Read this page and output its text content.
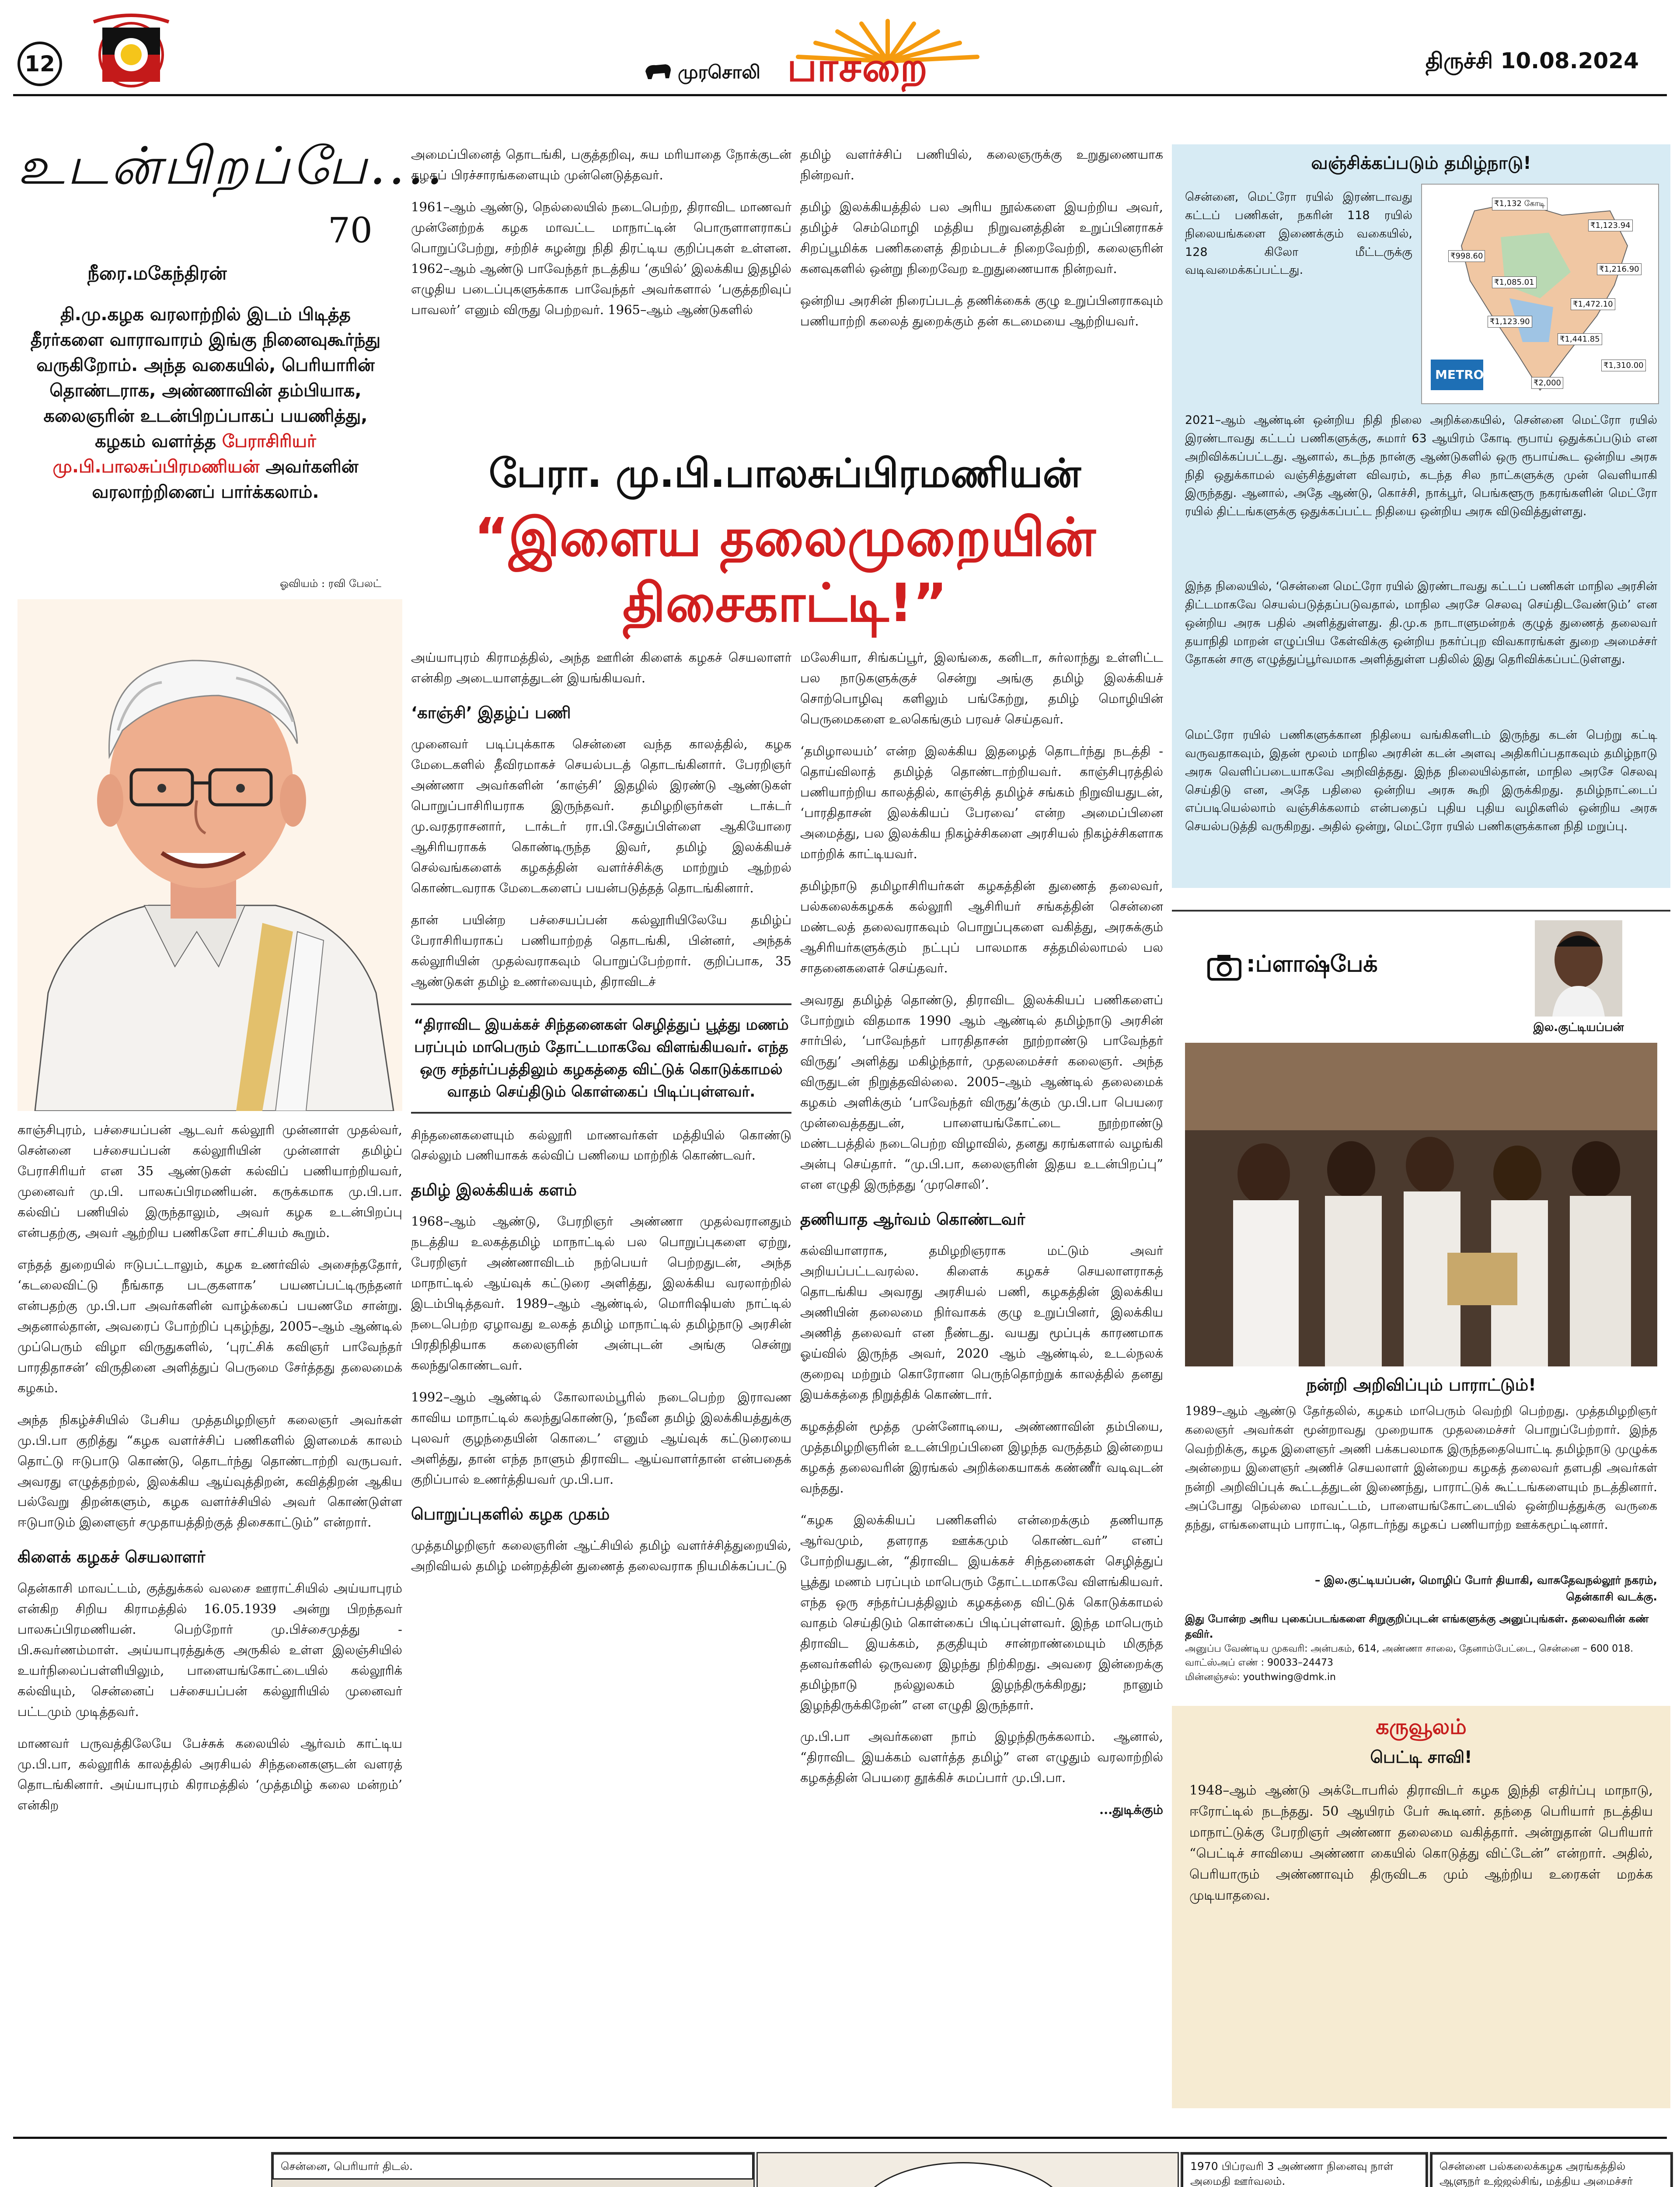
12	முரசொலி பாசறை	திருச்சி 10.08.2024
உடன்பிறப்பே....
70
நீரை.மகேந்திரன்
தி.மு.கழக வரலாற்றில் இடம் பிடித்த தீரர்களை வாராவாரம் இங்கு நினைவுகூர்ந்து வருகிறோம். அந்த வகையில், பெரியாரின் தொண்டராக, அண்ணாவின் தம்பியாக, கலைஞரின் உடன்பிறப்பாகப் பயணித்து, கழகம் வளர்த்த பேராசிரியர் மு.பி.பாலசுப்பிரமணியன் அவர்களின் வரலாற்றினைப் பார்க்கலாம்.
ஓவியம் : ரவி பேலட்
பேரா. மு.பி.பாலசுப்பிரமணியன்
“இளைய தலைமுறையின்
திசைகாட்டி!”

காஞ்சிபுரம், பச்சையப்பன் ஆடவர் கல்லூரி முன்னாள் முதல்வர், சென்னை பச்சையப்பன் கல்லூரியின் முன்னாள் தமிழ்ப் பேராசிரியர் என 35 ஆண்டுகள் கல்விப் பணியாற்றியவர், முனைவர் மு.பி. பாலசுப்பிரமணியன். கருக்கமாக மு.பி.பா. கல்விப் பணியில் இருந்தாலும், அவர் கழக உடன்பிறப்பு என்பதற்கு, அவர் ஆற்றிய பணிகளே சாட்சியம் கூறும்.

எந்தத் துறையில் ஈடுபட்டாலும், கழக உணர்வில் அசைந்ததோர், ‘கடலைவிட்டு நீங்காத படகுகளாக’ பயணப்பட்டிருந்தனர் என்பதற்கு மு.பி.பா அவர்களின் வாழ்க்கைப் பயணமே சான்று. அதனால்தான், அவரைப் போற்றிப் புகழ்ந்து, 2005–ஆம் ஆண்டில் முப்பெரும் விழா விருதுகளில், ‘புரட்சிக் கவிஞர் பாவேந்தர் பாரதிதாசன்’ விருதினை அளித்துப் பெருமை சேர்த்தது தலைமைக் கழகம்.

அந்த நிகழ்ச்சியில் பேசிய முத்தமிழறிஞர் கலைஞர் அவர்கள் மு.பி.பா குறித்து “கழக வளர்ச்சிப் பணிகளில் இளமைக் காலம் தொட்டு ஈடுபாடு கொண்டு, தொடர்ந்து தொண்டாற்றி வருபவர். அவரது எழுத்தற்றல், இலக்கிய ஆய்வுத்திறன், கவித்திறன் ஆகிய பல்வேறு திறன்களும், கழக வளர்ச்சியில் அவர் கொண்டுள்ள ஈடுபாடும் இளைஞர் சமுதாயத்திற்குத் திசைகாட்டும்” என்றார்.

கிளைக் கழகச் செயலாளர்

தென்காசி மாவட்டம், குத்துக்கல் வலசை ஊராட்சியில் அய்யாபுரம் என்கிற சிறிய கிராமத்தில் 16.05.1939 அன்று பிறந்தவர் பாலசுப்பிரமணியன். பெற்றோர் மு.பிச்சைமுத்து - பி.சுவர்ணம்மாள். அய்யாபுரத்துக்கு அருகில் உள்ள இலஞ்சியில் உயர்நிலைப்பள்ளியிலும், பாளையங்கோட்டையில் கல்லூரிக் கல்வியும், சென்னைப் பச்சையப்பன் கல்லூரியில் முனைவர் பட்டமும் முடித்தவர்.

மாணவர் பருவத்திலேயே பேச்சுக் கலையில் ஆர்வம் காட்டிய மு.பி.பா, கல்லூரிக் காலத்தில் அரசியல் சிந்தனைகளுடன் வளரத் தொடங்கினார். அய்யாபுரம் கிராமத்தில் ‘முத்தமிழ் கலை மன்றம்’ என்கிற

அமைப்பினைத் தொடங்கி, பகுத்தறிவு, சுய மரியாதை நோக்குடன் கழகப் பிரச்சாரங்களையும் முன்னெடுத்தவர்.

1961–ஆம் ஆண்டு, நெல்லையில் நடைபெற்ற, திராவிட மாணவர் முன்னேற்றக் கழக மாவட்ட மாநாட்டின் பொருளாளராகப் பொறுப்பேற்று, சற்றிச் சுழன்று நிதி திரட்டிய குறிப்புகள் உள்ளன. 1962–ஆம் ஆண்டு பாவேந்தர் நடத்திய ‘குயில்’ இலக்கிய இதழில் எழுதிய படைப்புகளுக்காக பாவேந்தர் அவர்களால் ‘பகுத்தறிவுப் பாவலர்’ எனும் விருது பெற்றவர். 1965–ஆம் ஆண்டுகளில்

அய்யாபுரம் கிராமத்தில், அந்த ஊரின் கிளைக் கழகச் செயலாளர் என்கிற அடையாளத்துடன் இயங்கியவர்.

‘காஞ்சி’ இதழ்ப் பணி

முனைவர் படிப்புக்காக சென்னை வந்த காலத்தில், கழக மேடைகளில் தீவிரமாகச் செயல்படத் தொடங்கினார். பேரறிஞர் அண்ணா அவர்களின் ‘காஞ்சி’ இதழில் இரண்டு ஆண்டுகள் பொறுப்பாசிரியராக இருந்தவர். தமிழறிஞர்கள் டாக்டர் மு.வரதராசனார், டாக்டர் ரா.பி.சேதுப்பிள்ளை ஆகியோரை ஆசிரியராகக் கொண்டிருந்த இவர், தமிழ் இலக்கியச் செல்வங்களைக் கழகத்தின் வளர்ச்சிக்கு மாற்றும் ஆற்றல் கொண்டவராக மேடைகளைப் பயன்படுத்தத் தொடங்கினார்.

தான் பயின்ற பச்சையப்பன் கல்லூரியிலேயே தமிழ்ப் பேராசிரியராகப் பணியாற்றத் தொடங்கி, பின்னர், அந்தக் கல்லூரியின் முதல்வராகவும் பொறுப்பேற்றார். குறிப்பாக, 35 ஆண்டுகள் தமிழ் உணர்வையும், திராவிடச்

“திராவிட இயக்கச் சிந்தனைகள் செழித்துப் பூத்து மணம் பரப்பும் மாபெரும் தோட்டமாகவே விளங்கியவர். எந்த ஒரு சந்தர்ப்பத்திலும் கழகத்தை விட்டுக் கொடுக்காமல் வாதம் செய்திடும் கொள்கைப் பிடிப்புள்ளவர்.

சிந்தனைகளையும் கல்லூரி மாணவர்கள் மத்தியில் கொண்டு செல்லும் பணியாகக் கல்விப் பணியை மாற்றிக் கொண்டவர்.

தமிழ் இலக்கியக் களம்

1968–ஆம் ஆண்டு, பேரறிஞர் அண்ணா முதல்வரானதும் நடத்திய உலகத்தமிழ் மாநாட்டில் பல பொறுப்புகளை ஏற்று, பேரறிஞர் அண்ணாவிடம் நற்பெயர் பெற்றதுடன், அந்த மாநாட்டில் ஆய்வுக் கட்டுரை அளித்து, இலக்கிய வரலாற்றில் இடம்பிடித்தவர். 1989–ஆம் ஆண்டில், மொரிஷியஸ் நாட்டில் நடைபெற்ற ஏழாவது உலகத் தமிழ் மாநாட்டில் தமிழ்நாடு அரசின் பிரதிநிதியாக கலைஞரின் அன்புடன் அங்கு சென்று கலந்துகொண்டவர்.

1992–ஆம் ஆண்டில் கோலாலம்பூரில் நடைபெற்ற இராவண காவிய மாநாட்டில் கலந்துகொண்டு, ‘நவீன தமிழ் இலக்கியத்துக்கு புலவர் குழந்தையின் கொடை’ எனும் ஆய்வுக் கட்டுரையை அளித்து, தான் எந்த நாளும் திராவிட ஆய்வாளர்தான் என்பதைக் குறிப்பால் உணர்த்தியவர் மு.பி.பா.

பொறுப்புகளில் கழக முகம்

முத்தமிழறிஞர் கலைஞரின் ஆட்சியில் தமிழ் வளர்ச்சித்துறையில், அறிவியல் தமிழ் மன்றத்தின் துணைத் தலைவராக நியமிக்கப்பட்டு

தமிழ் வளர்ச்சிப் பணியில், கலைஞருக்கு உறுதுணையாக நின்றவர்.

தமிழ் இலக்கியத்தில் பல அரிய நூல்களை இயற்றிய அவர், தமிழ்ச் செம்மொழி மத்திய நிறுவனத்தின் உறுப்பினராகச் சிறப்பூமிக்க பணிகளைத் திறம்படச் நிறைவேற்றி, கலைஞரின் கனவுகளில் ஒன்று நிறைவேற உறுதுணையாக நின்றவர்.

ஒன்றிய அரசின் நிரைப்படத் தணிக்கைக் குழு உறுப்பினராகவும் பணியாற்றி கலைத் துறைக்கும் தன் கடமையை ஆற்றியவர்.

மலேசியா, சிங்கப்பூர், இலங்கை, கனிடா, சுர்லாந்து உள்ளிட்ட பல நாடுகளுக்குச் சென்று அங்கு தமிழ் இலக்கியச் சொற்பொழிவு களிலும் பங்கேற்று, தமிழ் மொழியின் பெருமைகளை உலகெங்கும் பரவச் செய்தவர்.

‘தமிழாலயம்’ என்ற இலக்கிய இதழைத் தொடர்ந்து நடத்தி - தொய்விலாத் தமிழ்த் தொண்டாற்றியவர். காஞ்சிபுரத்தில் பணியாற்றிய காலத்தில், காஞ்சித் தமிழ்ச் சங்கம் நிறுவியதுடன், ‘பாரதிதாசன் இலக்கியப் பேரவை’ என்ற அமைப்பினை அமைத்து, பல இலக்கிய நிகழ்ச்சிகளை அரசியல் நிகழ்ச்சிகளாக மாற்றிக் காட்டியவர்.

தமிழ்நாடு தமிழாசிரியர்கள் கழகத்தின் துணைத் தலைவர், பல்கலைக்கழகக் கல்லூரி ஆசிரியர் சங்கத்தின் சென்னை மண்டலத் தலைவராகவும் பொறுப்புகளை வகித்து, அரசுக்கும் ஆசிரியர்களுக்கும் நட்புப் பாலமாக சத்தமில்லாமல் பல சாதனைகளைச் செய்தவர்.

அவரது தமிழ்த் தொண்டு, திராவிட இலக்கியப் பணிகளைப் போற்றும் விதமாக 1990 ஆம் ஆண்டில் தமிழ்நாடு அரசின் சார்பில், ‘பாவேந்தர் பாரதிதாசன் நூற்றாண்டு பாவேந்தர் விருது’ அளித்து மகிழ்ந்தார், முதலமைச்சர் கலைஞர். அந்த விருதுடன் நிறுத்தவில்லை. 2005–ஆம் ஆண்டில் தலைமைக் கழகம் அளிக்கும் ‘பாவேந்தர் விருது’க்கும் மு.பி.பா பெயரை முன்வைத்ததுடன், பாளையங்கோட்டை நூற்றாண்டு மண்டபத்தில் நடைபெற்ற விழாவில், தனது கரங்களால் வழங்கி அன்பு செய்தார். “மு.பி.பா, கலைஞரின் இதய உடன்பிறப்பு” என எழுதி இருந்தது ‘முரசொலி’.

தணியாத ஆர்வம் கொண்டவர்

கல்வியாளராக, தமிழறிஞராக மட்டும் அவர் அறியப்பட்டவரல்ல. கிளைக் கழகச் செயலாளராகத் தொடங்கிய அவரது அரசியல் பணி, கழகத்தின் இலக்கிய அணியின் தலைமை நிர்வாகக் குழு உறுப்பினர், இலக்கிய அணித் தலைவர் என நீண்டது. வயது மூப்புக் காரணமாக ஓய்வில் இருந்த அவர், 2020 ஆம் ஆண்டில், உடல்நலக் குறைவு மற்றும் கொரோனா பெருந்தொற்றுக் காலத்தில் தனது இயக்கத்தை நிறுத்திக் கொண்டார்.

கழகத்தின் மூத்த முன்னோடியை, அண்ணாவின் தம்பியை, முத்தமிழறிஞரின் உடன்பிறப்பினை இழந்த வருத்தம் இன்றைய கழகத் தலைவரின் இரங்கல் அறிக்கையாகக் கண்ணீர் வடிவுடன் வந்தது.

“கழக இலக்கியப் பணிகளில் என்றைக்கும் தணியாத ஆர்வமும், தளராத ஊக்கமும் கொண்டவர்” எனப் போற்றியதுடன், “திராவிட இயக்கச் சிந்தனைகள் செழித்துப் பூத்து மணம் பரப்பும் மாபெரும் தோட்டமாகவே விளங்கியவர். எந்த ஒரு சந்தர்ப்பத்திலும் கழகத்தை விட்டுக் கொடுக்காமல் வாதம் செய்திடும் கொள்கைப் பிடிப்புள்ளவர். இந்த மாபெரும் திராவிட இயக்கம், தகுதியும் சான்றாண்மையும் மிகுந்த தனவர்களில் ஒருவரை இழந்து நிற்கிறது. அவரை இன்றைக்கு தமிழ்நாடு நல்லுலகம் இழந்திருக்கிறது; நானும் இழந்திருக்கிறேன்” என எழுதி இருந்தார்.

மு.பி.பா அவர்களை நாம் இழந்திருக்கலாம். ஆனால், “திராவிட இயக்கம் வளர்த்த தமிழ்” என எழுதும் வரலாற்றில் கழகத்தின் பெயரை தூக்கிச் சுமப்பார் மு.பி.பா.

...துடிக்கும்
வஞ்சிக்கப்படும் தமிழ்நாடு!
METRO
₹1,132 கோடி
₹1,123.94
₹998.60
₹1,216.90
₹1,085.01
₹1,472.10
₹1,123.90
₹1,441.85
₹1,310.00
₹2,000
சென்னை, மெட்ரோ ரயில் இரண்டாவது கட்டப் பணிகள், நகரின் 118 ரயில் நிலையங்களை இணைக்கும் வகையில், 128 கிலோ மீட்டருக்கு வடிவமைக்கப்பட்டது.
2021–ஆம் ஆண்டின் ஒன்றிய நிதி நிலை அறிக்கையில், சென்னை மெட்ரோ ரயில் இரண்டாவது கட்டப் பணிகளுக்கு, சுமார் 63 ஆயிரம் கோடி ரூபாய் ஒதுக்கப்படும் என அறிவிக்கப்பட்டது. ஆனால், கடந்த நான்கு ஆண்டுகளில் ஒரு ரூபாய்கூட ஒன்றிய அரசு நிதி ஒதுக்காமல் வஞ்சித்துள்ள விவரம், கடந்த சில நாட்களுக்கு முன் வெளியாகி இருந்தது. ஆனால், அதே ஆண்டு, கொச்சி, நாக்பூர், பெங்களூரு நகரங்களின் மெட்ரோ ரயில் திட்டங்களுக்கு ஒதுக்கப்பட்ட நிதியை ஒன்றிய அரசு விடுவித்துள்ளது.
இந்த நிலையில், ‘சென்னை மெட்ரோ ரயில் இரண்டாவது கட்டப் பணிகள் மாநில அரசின் திட்டமாகவே செயல்படுத்தப்படுவதால், மாநில அரசே செலவு செய்திடவேண்டும்’ என ஒன்றிய அரசு பதில் அளித்துள்ளது. தி.மு.க நாடாளுமன்றக் குழுத் துணைத் தலைவர் தயாநிதி மாறன் எழுப்பிய கேள்விக்கு ஒன்றிய நகர்ப்புற விவகாரங்கள் துறை அமைச்சர் தோகன் சாகு எழுத்துப்பூர்வமாக அளித்துள்ள பதிலில் இது தெரிவிக்கப்பட்டுள்ளது.
மெட்ரோ ரயில் பணிகளுக்கான நிதியை வங்கிகளிடம் இருந்து கடன் பெற்று கட்டி வருவதாகவும், இதன் மூலம் மாநில அரசின் கடன் அளவு அதிகரிப்பதாகவும் தமிழ்நாடு அரசு வெளிப்படையாகவே அறிவித்தது. இந்த நிலையில்தான், மாநில அரசே செலவு செய்திடு என, அதே பதிலை ஒன்றிய அரசு கூறி இருக்கிறது. தமிழ்நாட்டைப் எப்படியெல்லாம் வஞ்சிக்கலாம் என்பதைப் புதிய புதிய வழிகளில் ஒன்றிய அரசு செயல்படுத்தி வருகிறது. அதில் ஒன்று, மெட்ரோ ரயில் பணிகளுக்கான நிதி மறுப்பு.
:ப்ளாஷ்பேக்
இல.குட்டியப்பன்
நன்றி அறிவிப்பும் பாராட்டும்!
1989–ஆம் ஆண்டு தேர்தலில், கழகம் மாபெரும் வெற்றி பெற்றது. முத்தமிழறிஞர் கலைஞர் அவர்கள் மூன்றாவது முறையாக முதலமைச்சர் பொறுப்பேற்றார். இந்த வெற்றிக்கு, கழக இளைஞர் அணி பக்கபலமாக இருந்ததையொட்டி தமிழ்நாடு முழுக்க அன்றைய இளைஞர் அணிச் செயலாளர் இன்றைய கழகத் தலைவர் தளபதி அவர்கள் நன்றி அறிவிப்புக் கூட்டத்துடன் இணைந்து, பாராட்டுக் கூட்டங்களையும் நடத்தினார். அப்போது நெல்லை மாவட்டம், பாளையங்கோட்டையில் ஒன்றியத்துக்கு வருகை தந்து, எங்களையும் பாராட்டி, தொடர்ந்து கழகப் பணியாற்ற ஊக்கமூட்டினார்.
– இல.குட்டியப்பன், மொழிப் போர் தியாகி, வாசுதேவநல்லூர் நகரம், தென்காசி வடக்கு.
இது போன்ற அரிய புகைப்படங்களை சிறுகுறிப்புடன் எங்களுக்கு அனுப்புங்கள். தலைவரின் கண் தவிர்.
அனுப்ப வேண்டிய முகவரி: அன்பகம், 614, அண்ணா சாலை, தேனாம்பேட்டை, சென்னை – 600 018. வாட்ஸ்அப் எண் : 90033–24473
மின்னஞ்சல்: youthwing@dmk.in
கருவூலம்
பெட்டி சாவி!
1948–ஆம் ஆண்டு அக்டோபரில் திராவிடர் கழக இந்தி எதிர்ப்பு மாநாடு, ஈரோட்டில் நடந்தது. 50 ஆயிரம் பேர் கூடினர். தந்தை பெரியார் நடத்திய மாநாட்டுக்கு பேரறிஞர் அண்ணா தலைமை வகித்தார். அன்றுதான் பெரியார் “பெட்டிச் சாவியை அண்ணா கையில் கொடுத்து விட்டேன்” என்றார். அதில், பெரியாரும் அண்ணாவும் திருவிடக மும் ஆற்றிய உரைகள் மறக்க முடியாதவை.
சென்னை, பெரியார் திடல்.	1970 பிப்ரவரி 3 அண்ணா நினைவு நாள் அமைதி ஊர்வலம்.
சென்னை பல்கலைக்கழக அரங்கத்தில் ஆளுநர் உஜ்ஜல்சிங், மத்திய அமைச்சர்
